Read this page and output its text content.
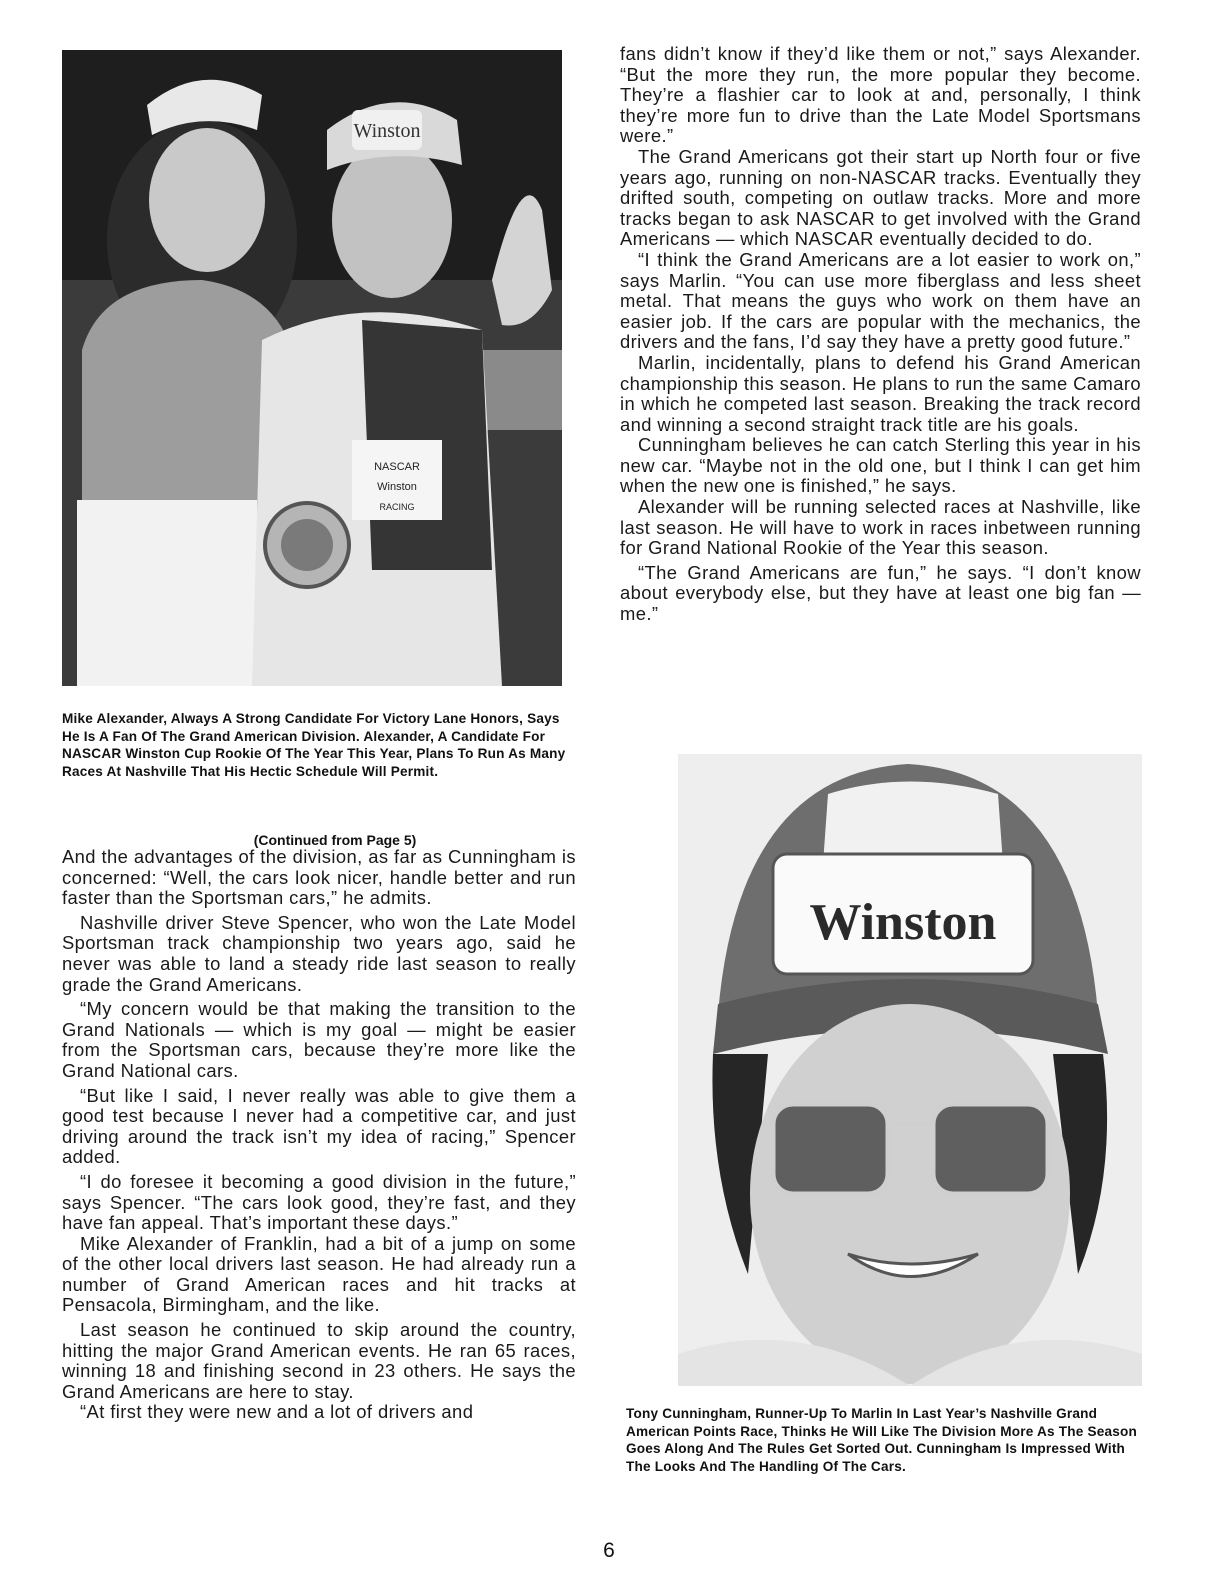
Winston
NASCAR
Winston
RACING

Mike Alexander, Always A Strong Candidate For Victory Lane Honors, Says He Is A Fan Of The Grand American Division. Alexander, A Candidate For NASCAR Winston Cup Rookie Of The Year This Year, Plans To Run As Many Races At Nashville That His Hectic Schedule Will Permit.

(Continued from Page 5)

And the advantages of the division, as far as Cunningham is concerned: “Well, the cars look nicer, handle better and run faster than the Sportsman cars,” he admits.

Nashville driver Steve Spencer, who won the Late Model Sportsman track championship two years ago, said he never was able to land a steady ride last season to really grade the Grand Americans.

“My concern would be that making the transition to the Grand Nationals — which is my goal — might be easier from the Sportsman cars, because they’re more like the Grand National cars.

“But like I said, I never really was able to give them a good test because I never had a competitive car, and just driving around the track isn’t my idea of racing,” Spencer added.

“I do foresee it becoming a good division in the future,” says Spencer. “The cars look good, they’re fast, and they have fan appeal. That’s important these days.”

Mike Alexander of Franklin, had a bit of a jump on some of the other local drivers last season. He had already run a number of Grand American races and hit tracks at Pensacola, Birmingham, and the like.

Last season he continued to skip around the country, hitting the major Grand American events. He ran 65 races, winning 18 and finishing second in 23 others. He says the Grand Americans are here to stay.

“At first they were new and a lot of drivers and

fans didn’t know if they’d like them or not,” says Alexander. “But the more they run, the more popular they become. They’re a flashier car to look at and, personally, I think they’re more fun to drive than the Late Model Sportsmans were.”

The Grand Americans got their start up North four or five years ago, running on non-NASCAR tracks. Eventually they drifted south, competing on outlaw tracks. More and more tracks began to ask NASCAR to get involved with the Grand Americans — which NASCAR eventually decided to do.

“I think the Grand Americans are a lot easier to work on,” says Marlin. “You can use more fiberglass and less sheet metal. That means the guys who work on them have an easier job. If the cars are popular with the mechanics, the drivers and the fans, I’d say they have a pretty good future.”

Marlin, incidentally, plans to defend his Grand American championship this season. He plans to run the same Camaro in which he competed last season. Breaking the track record and winning a second straight track title are his goals.

Cunningham believes he can catch Sterling this year in his new car. “Maybe not in the old one, but I think I can get him when the new one is finished,” he says.

Alexander will be running selected races at Nashville, like last season. He will have to work in races inbetween running for Grand National Rookie of the Year this season.

“The Grand Americans are fun,” he says. “I don’t know about everybody else, but they have at least one big fan — me.”

Winston

Tony Cunningham, Runner-Up To Marlin In Last Year’s Nashville Grand American Points Race, Thinks He Will Like The Division More As The Season Goes Along And The Rules Get Sorted Out. Cunningham Is Impressed With The Looks And The Handling Of The Cars.

6
